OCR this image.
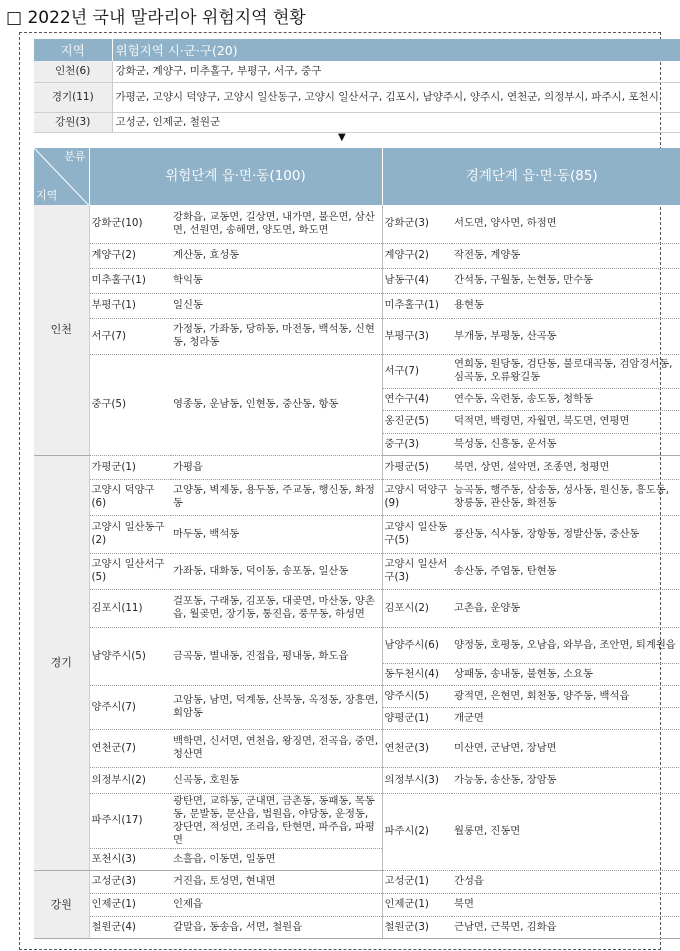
□ 2022년 국내 말라리아 위험지역 현황
지역	위험지역 시·군·구(20)
인천(6)	강화군, 계양구, 미추홀구, 부평구, 서구, 중구
경기(11)	가평군, 고양시 덕양구, 고양시 일산동구, 고양시 일산서구, 김포시, 남양주시, 양주시, 연천군, 의정부시, 파주시, 포천시
강원(3)	고성군, 인제군, 철원군
▼
분류
지역	위험단계 읍·면·동(100)		경계단계 읍·면·동(85)	
인천	강화군(10)	강화읍, 교동면, 길상면, 내가면, 불은면, 삼산면, 선원면, 송해면, 양도면, 화도면	강화군(3)	서도면, 양사면, 하점면
	계양구(2)	계산동, 효성동	계양구(2)	작전동, 계양동
	미추홀구(1)	학익동	남동구(4)	간석동, 구월동, 논현동, 만수동
	부평구(1)	일신동	미추홀구(1)	용현동
	서구(7)	가정동, 가좌동, 당하동, 마전동, 백석동, 신현동, 청라동	부평구(3)	부개동, 부평동, 산곡동
	중구(5)	영종동, 운남동, 인현동, 중산동, 항동	서구(7)	연희동, 원당동, 검단동, 불로대곡동, 검암경서동, 심곡동, 오류왕길동
			연수구(4)	연수동, 옥련동, 송도동, 청학동
			옹진군(5)	덕적면, 백령면, 자월면, 북도면, 연평면
			중구(3)	북성동, 신흥동, 운서동
경기	가평군(1)	가평읍	가평군(5)	북면, 상면, 설악면, 조종면, 청평면
	고양시 덕양구(6)	고양동, 벽제동, 용두동, 주교동, 행신동, 화정동	고양시 덕양구(9)	능곡동, 행주동, 삼송동, 성사동, 원신동, 흥도동, 창릉동, 관산동, 화전동
	고양시 일산동구(2)	마두동, 백석동	고양시 일산동구(5)	풍산동, 식사동, 장항동, 정발산동, 중산동
	고양시 일산서구(5)	가좌동, 대화동, 덕이동, 송포동, 일산동	고양시 일산서구(3)	송산동, 주엽동, 탄현동
	김포시(11)	걸포동, 구래동, 김포동, 대곶면, 마산동, 양촌읍, 월곶면, 장기동, 통진읍, 풍무동, 하성면	김포시(2)	고촌읍, 운양동
	남양주시(5)	금곡동, 별내동, 진접읍, 평내동, 화도읍	남양주시(6)	양정동, 호평동, 오남읍, 와부읍, 조안면, 퇴계원읍
			동두천시(4)	상패동, 송내동, 불현동, 소요동
	양주시(7)	고암동, 남면, 덕계동, 산북동, 옥정동, 장흥면, 회암동	양주시(5)	광적면, 은현면, 회천동, 양주동, 백석읍
			양평군(1)	개군면
	연천군(7)	백학면, 신서면, 연천읍, 왕징면, 전곡읍, 중면, 청산면	연천군(3)	미산면, 군남면, 장남면
	의정부시(2)	신곡동, 호원동	의정부시(3)	가능동, 송산동, 장암동
	파주시(17)	광탄면, 교하동, 군내면, 금촌동, 동패동, 목동동, 문발동, 문산읍, 법원읍, 야당동, 운정동, 장단면, 적성면, 조리읍, 탄현면, 파주읍, 파평면	파주시(2)	월롱면, 진동면
	포천시(3)	소흘읍, 이동면, 일동면		
강원	고성군(3)	거진읍, 토성면, 현내면	고성군(1)	간성읍
	인제군(1)	인제읍	인제군(1)	북면
	철원군(4)	갈말읍, 동송읍, 서면, 철원읍	철원군(3)	근남면, 근북면, 김화읍
